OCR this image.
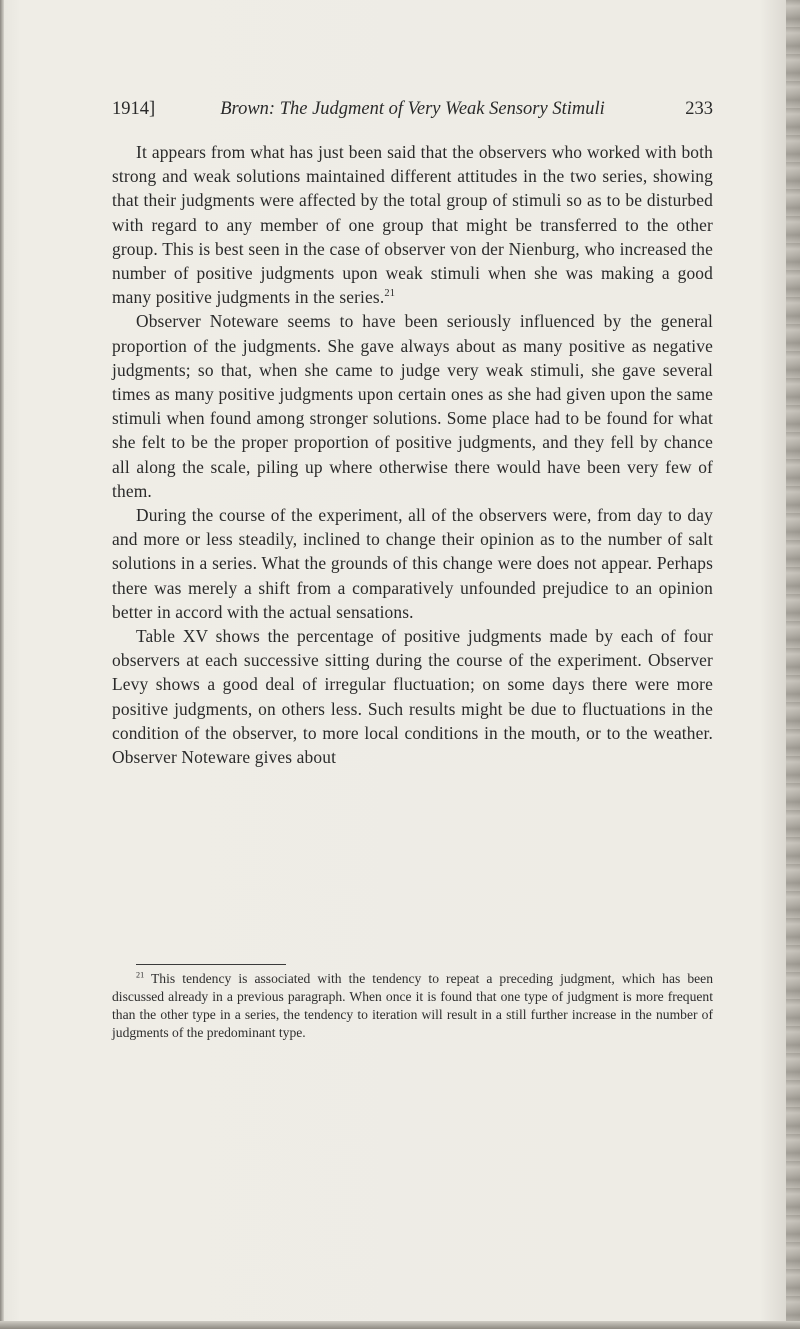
1914]	Brown: The Judgment of Very Weak Sensory Stimuli	233

It appears from what has just been said that the observers who worked with both strong and weak solutions maintained different attitudes in the two series, showing that their judgments were affected by the total group of stimuli so as to be disturbed with regard to any member of one group that might be transferred to the other group. This is best seen in the case of observer von der Nienburg, who increased the number of positive judgments upon weak stimuli when she was making a good many positive judgments in the series.$^{21}$

Observer Noteware seems to have been seriously influenced by the general proportion of the judgments. She gave always about as many positive as negative judgments; so that, when she came to judge very weak stimuli, she gave several times as many positive judgments upon certain ones as she had given upon the same stimuli when found among stronger solutions. Some place had to be found for what she felt to be the proper proportion of positive judgments, and they fell by chance all along the scale, piling up where otherwise there would have been very few of them.

During the course of the experiment, all of the observers were, from day to day and more or less steadily, inclined to change their opinion as to the number of salt solutions in a series. What the grounds of this change were does not appear. Perhaps there was merely a shift from a comparatively unfounded prejudice to an opinion better in accord with the actual sensations.

Table XV shows the percentage of positive judgments made by each of four observers at each successive sitting during the course of the experiment. Observer Levy shows a good deal of irregular fluctuation; on some days there were more positive judgments, on others less. Such results might be due to fluctuations in the condition of the observer, to more local conditions in the mouth, or to the weather. Observer Noteware gives about

$^{21}$ This tendency is associated with the tendency to repeat a preceding judgment, which has been discussed already in a previous paragraph. When once it is found that one type of judgment is more frequent than the other type in a series, the tendency to iteration will result in a still further increase in the number of judgments of the predominant type.
